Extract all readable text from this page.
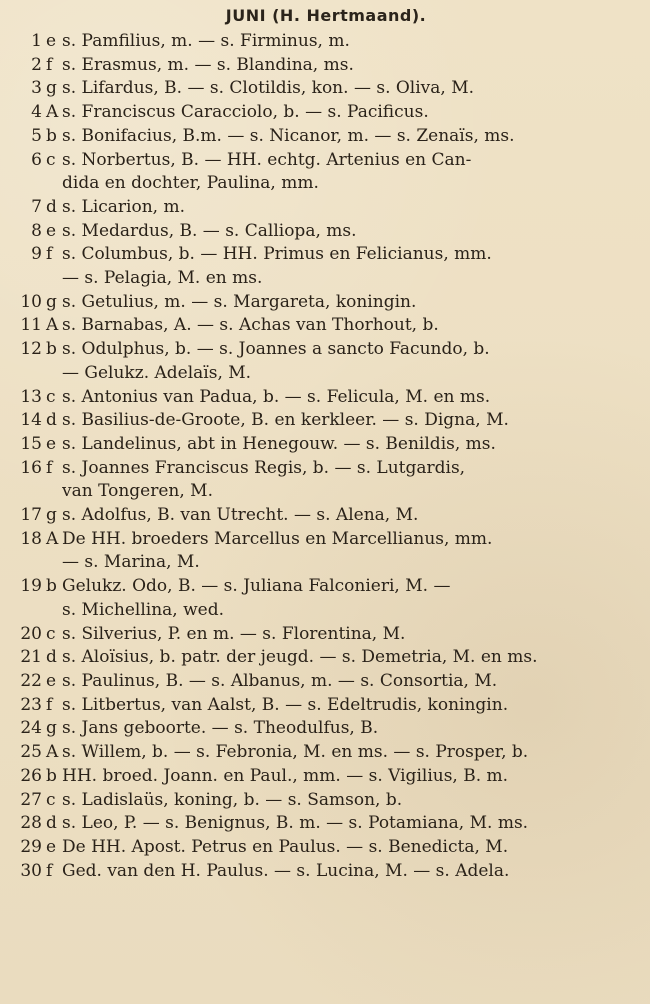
JUNI (H. Hertmaand).
1 e s. Pamfilius, m. — s. Firminus, m.
2 f s. Erasmus, m. — s. Blandina, ms.
3 g s. Lifardus, B. — s. Clotildis, kon. — s. Oliva, M.
4 A s. Franciscus Caracciolo, b. — s. Pacificus.
5 b s. Bonifacius, B.m. — s. Nicanor, m. — s. Zenaïs, ms.
6 c s. Norbertus, B. — HH. echtg. Artenius en Can-
dida en dochter, Paulina, mm.
7 d s. Licarion, m.
8 e s. Medardus, B. — s. Calliopa, ms.
9 f s. Columbus, b. — HH. Primus en Felicianus, mm.
— s. Pelagia, M. en ms.
10 g s. Getulius, m. — s. Margareta, koningin.
11 A s. Barnabas, A. — s. Achas van Thorhout, b.
12 b s. Odulphus, b. — s. Joannes a sancto Facundo, b.
— Gelukz. Adelaïs, M.
13 c s. Antonius van Padua, b. — s. Felicula, M. en ms.
14 d s. Basilius-de-Groote, B. en kerkleer. — s. Digna, M.
15 e s. Landelinus, abt in Henegouw. — s. Benildis, ms.
16 f s. Joannes Franciscus Regis, b. — s. Lutgardis,
van Tongeren, M.
17 g s. Adolfus, B. van Utrecht. — s. Alena, M.
18 A De HH. broeders Marcellus en Marcellianus, mm.
— s. Marina, M.
19 b Gelukz. Odo, B. — s. Juliana Falconieri, M. —
s. Michellina, wed.
20 c s. Silverius, P. en m. — s. Florentina, M.
21 d s. Aloïsius, b. patr. der jeugd. — s. Demetria, M. en ms.
22 e s. Paulinus, B. — s. Albanus, m. — s. Consortia, M.
23 f s. Litbertus, van Aalst, B. — s. Edeltrudis, koningin.
24 g s. Jans geboorte. — s. Theodulfus, B.
25 A s. Willem, b. — s. Febronia, M. en ms. — s. Prosper, b.
26 b HH. broed. Joann. en Paul., mm. — s. Vigilius, B. m.
27 c s. Ladislaüs, koning, b. — s. Samson, b.
28 d s. Leo, P. — s. Benignus, B. m. — s. Potamiana, M. ms.
29 e De HH. Apost. Petrus en Paulus. — s. Benedicta, M.
30 f Ged. van den H. Paulus. — s. Lucina, M. — s. Adela.
